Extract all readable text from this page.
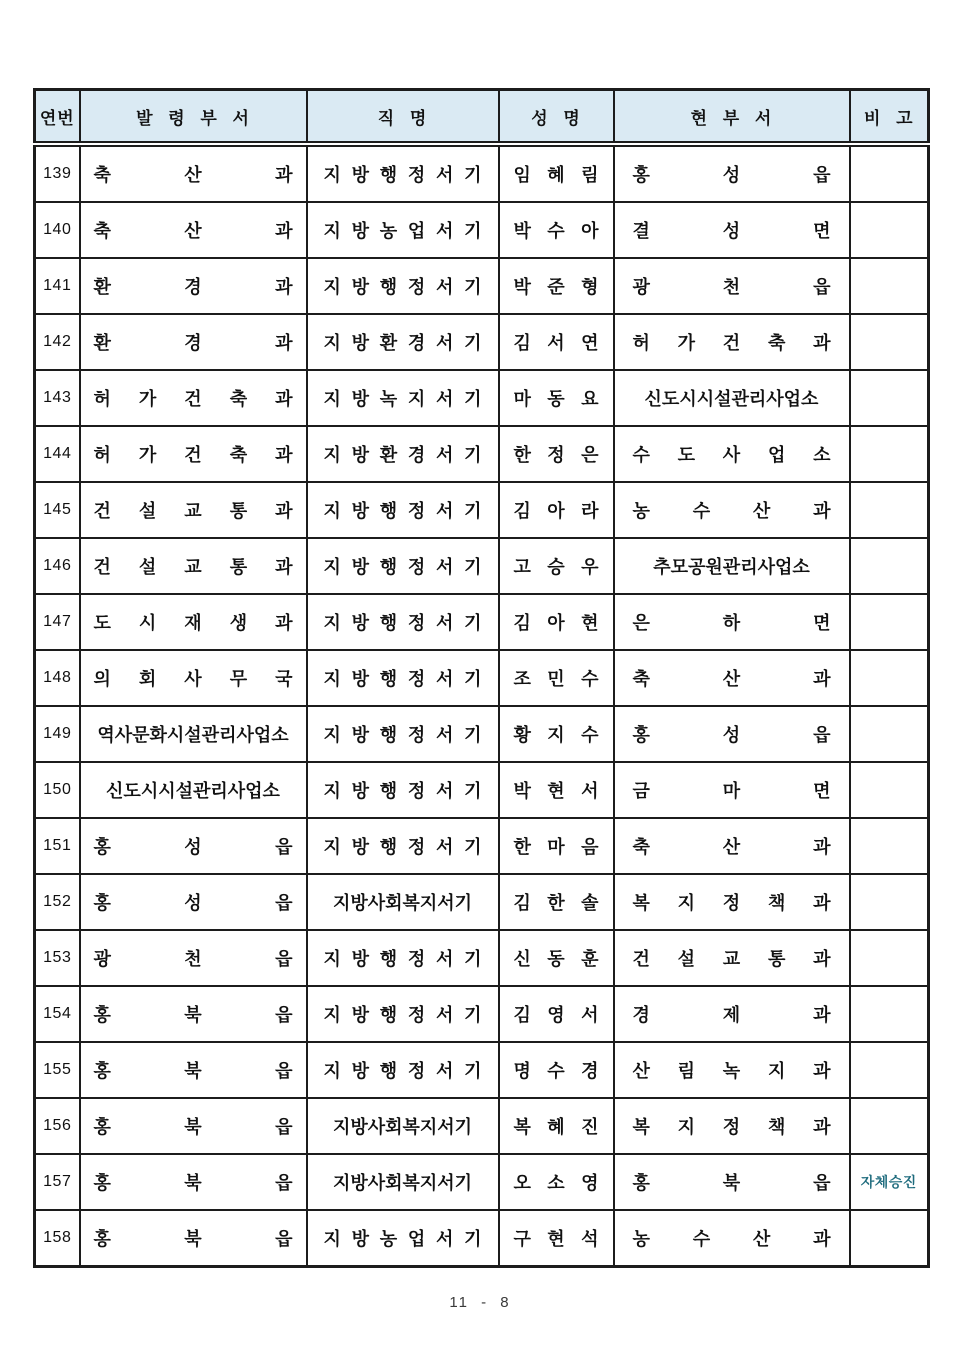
연번	발 령 부 서	직 명	성 명	현 부 서	비 고
139	축 산 과	지 방 행 정 서 기	임 혜 림	홍 성 읍	
140	축 산 과	지 방 농 업 서 기	박 수 아	결 성 면	
141	환 경 과	지 방 행 정 서 기	박 준 형	광 천 읍	
142	환 경 과	지 방 환 경 서 기	김 서 연	허 가 건 축 과	
143	허 가 건 축 과	지 방 녹 지 서 기	마 동 요	신도시시설관리사업소	
144	허 가 건 축 과	지 방 환 경 서 기	한 정 은	수 도 사 업 소	
145	건 설 교 통 과	지 방 행 정 서 기	김 아 라	농 수 산 과	
146	건 설 교 통 과	지 방 행 정 서 기	고 승 우	추모공원관리사업소	
147	도 시 재 생 과	지 방 행 정 서 기	김 아 현	은 하 면	
148	의 회 사 무 국	지 방 행 정 서 기	조 민 수	축 산 과	
149	역사문화시설관리사업소	지 방 행 정 서 기	황 지 수	홍 성 읍	
150	신도시시설관리사업소	지 방 행 정 서 기	박 현 서	금 마 면	
151	홍 성 읍	지 방 행 정 서 기	한 마 음	축 산 과	
152	홍 성 읍	지방사회복지서기	김 한 솔	복 지 정 책 과	
153	광 천 읍	지 방 행 정 서 기	신 동 훈	건 설 교 통 과	
154	홍 북 읍	지 방 행 정 서 기	김 영 서	경 제 과	
155	홍 북 읍	지 방 행 정 서 기	명 수 경	산 림 녹 지 과	
156	홍 북 읍	지방사회복지서기	복 혜 진	복 지 정 책 과	
157	홍 북 읍	지방사회복지서기	오 소 영	홍 북 읍	자체승진
158	홍 북 읍	지 방 농 업 서 기	구 현 석	농 수 산 과	
11 - 8
